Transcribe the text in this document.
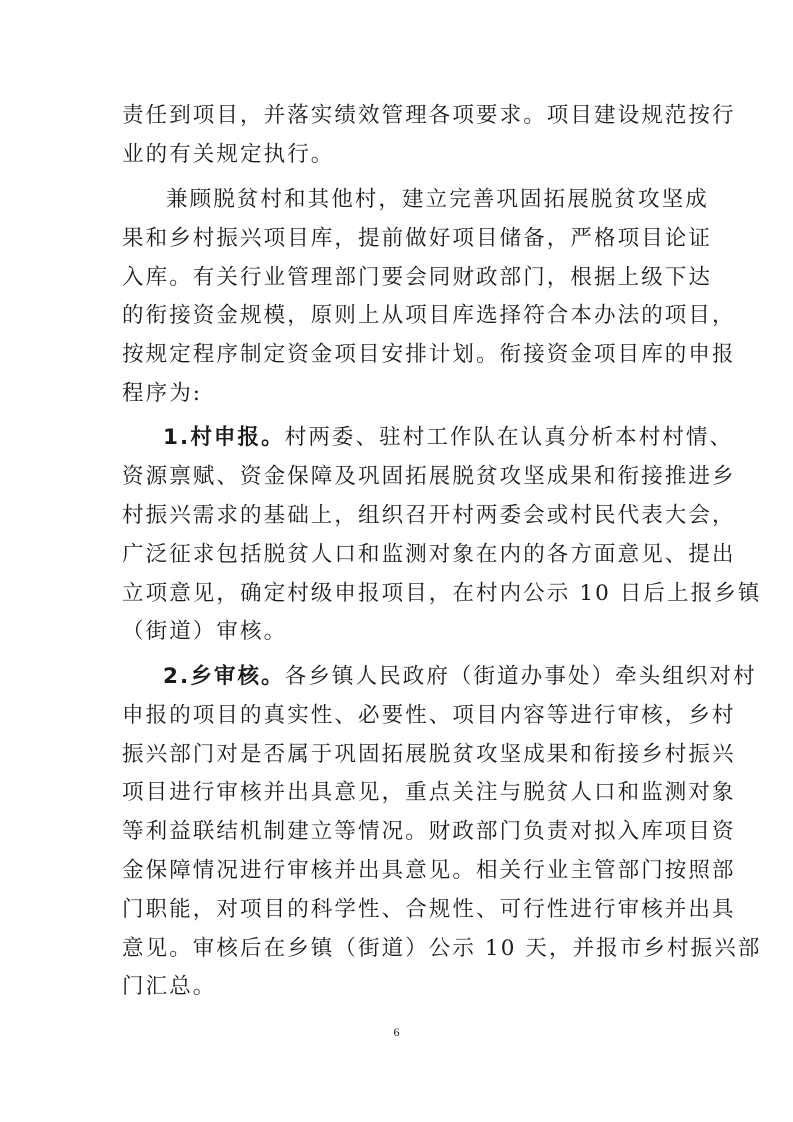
责任到项目，并落实绩效管理各项要求。项目建设规范按行
业的有关规定执行。
兼顾脱贫村和其他村，建立完善巩固拓展脱贫攻坚成
果和乡村振兴项目库，提前做好项目储备，严格项目论证
入库。有关行业管理部门要会同财政部门，根据上级下达
的衔接资金规模，原则上从项目库选择符合本办法的项目，
按规定程序制定资金项目安排计划。衔接资金项目库的申报
程序为:
1.村申报。村两委、驻村工作队在认真分析本村村情、
资源禀赋、资金保障及巩固拓展脱贫攻坚成果和衔接推进乡
村振兴需求的基础上，组织召开村两委会或村民代表大会，
广泛征求包括脱贫人口和监测对象在内的各方面意见、提出
立项意见，确定村级申报项目，在村内公示 10 日后上报乡镇
（街道）审核。
2.乡审核。各乡镇人民政府（街道办事处）牵头组织对村
申报的项目的真实性、必要性、项目内容等进行审核，乡村
振兴部门对是否属于巩固拓展脱贫攻坚成果和衔接乡村振兴
项目进行审核并出具意见，重点关注与脱贫人口和监测对象
等利益联结机制建立等情况。财政部门负责对拟入库项目资
金保障情况进行审核并出具意见。相关行业主管部门按照部
门职能，对项目的科学性、合规性、可行性进行审核并出具
意见。审核后在乡镇（街道）公示 10 天，并报市乡村振兴部
门汇总。
6
